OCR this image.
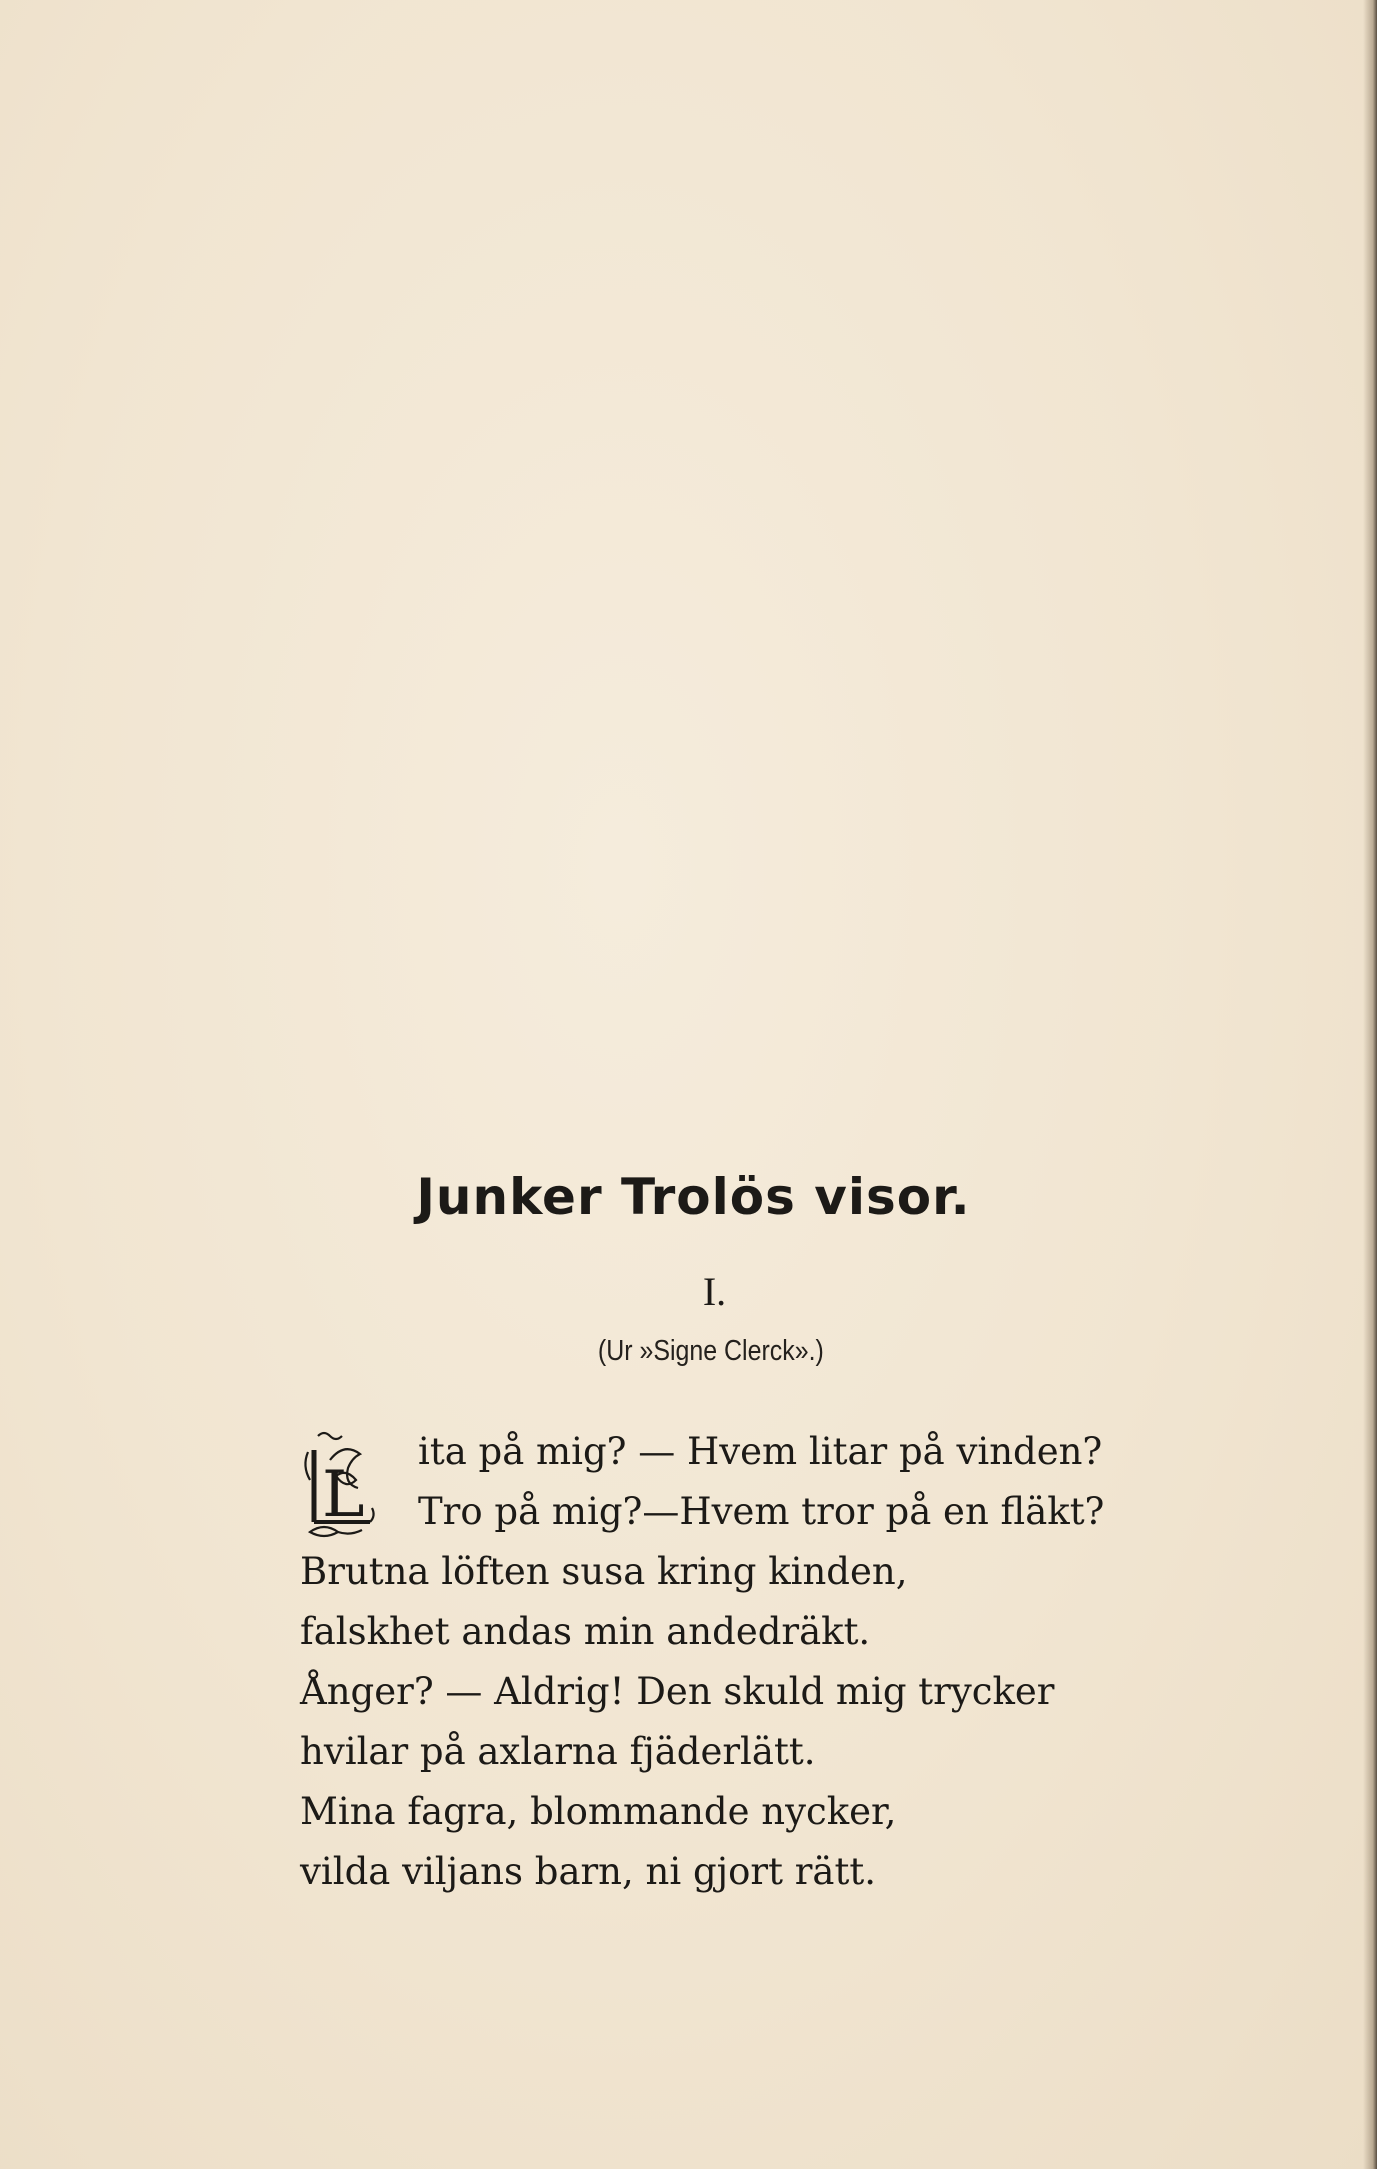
Junker Trolös visor.
I.
(Ur »Signe Clerck».)
L
ita på mig? — Hvem litar på vinden?
Tro på mig?—Hvem tror på en fläkt?
Brutna löften susa kring kinden,
falskhet andas min andedräkt.
Ånger? — Aldrig! Den skuld mig trycker
hvilar på axlarna fjäderlätt.
Mina fagra, blommande nycker,
vilda viljans barn, ni gjort rätt.
